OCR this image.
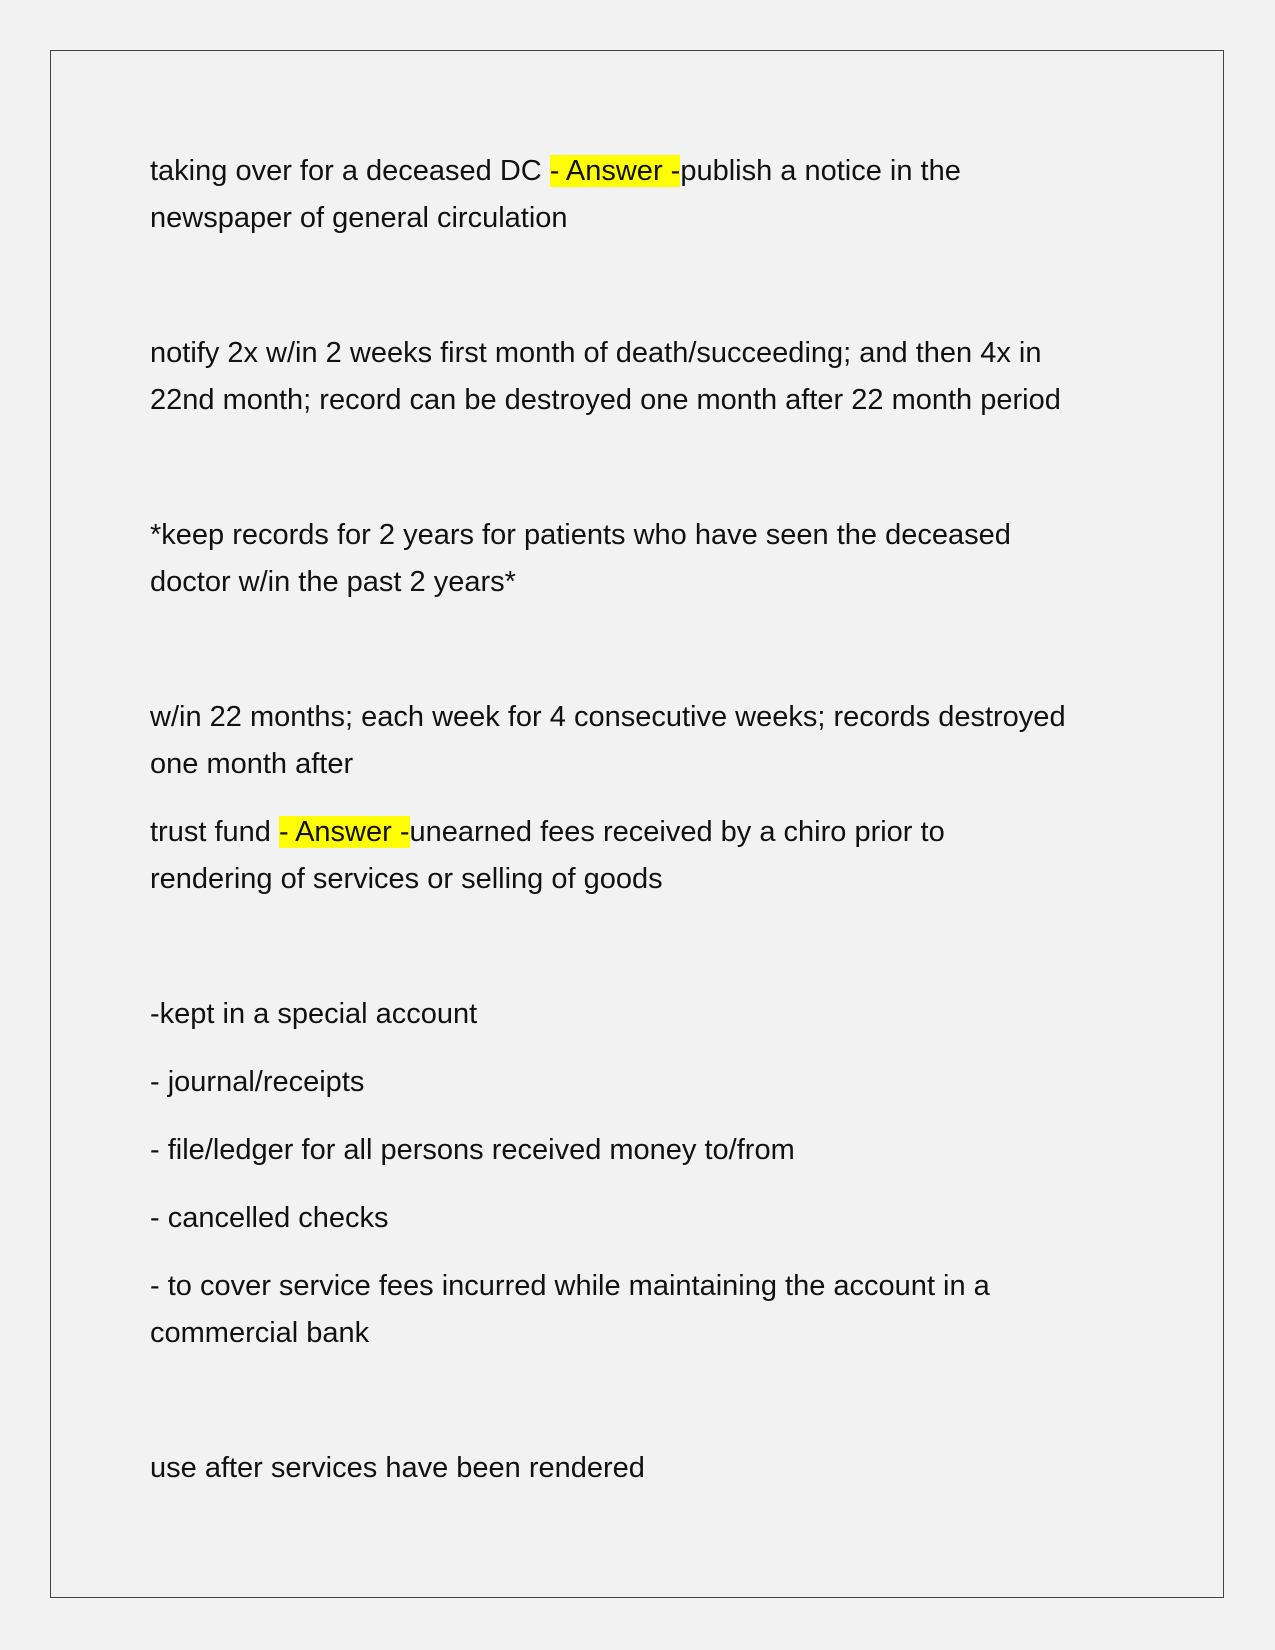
taking over for a deceased DC - Answer -publish a notice in the
newspaper of general circulation
notify 2x w/in 2 weeks first month of death/succeeding; and then 4x in
22nd month; record can be destroyed one month after 22 month period
*keep records for 2 years for patients who have seen the deceased
doctor w/in the past 2 years*
w/in 22 months; each week for 4 consecutive weeks; records destroyed
one month after
trust fund - Answer -unearned fees received by a chiro prior to
rendering of services or selling of goods
-kept in a special account
- journal/receipts
- file/ledger for all persons received money to/from
- cancelled checks
- to cover service fees incurred while maintaining the account in a
commercial bank
use after services have been rendered
